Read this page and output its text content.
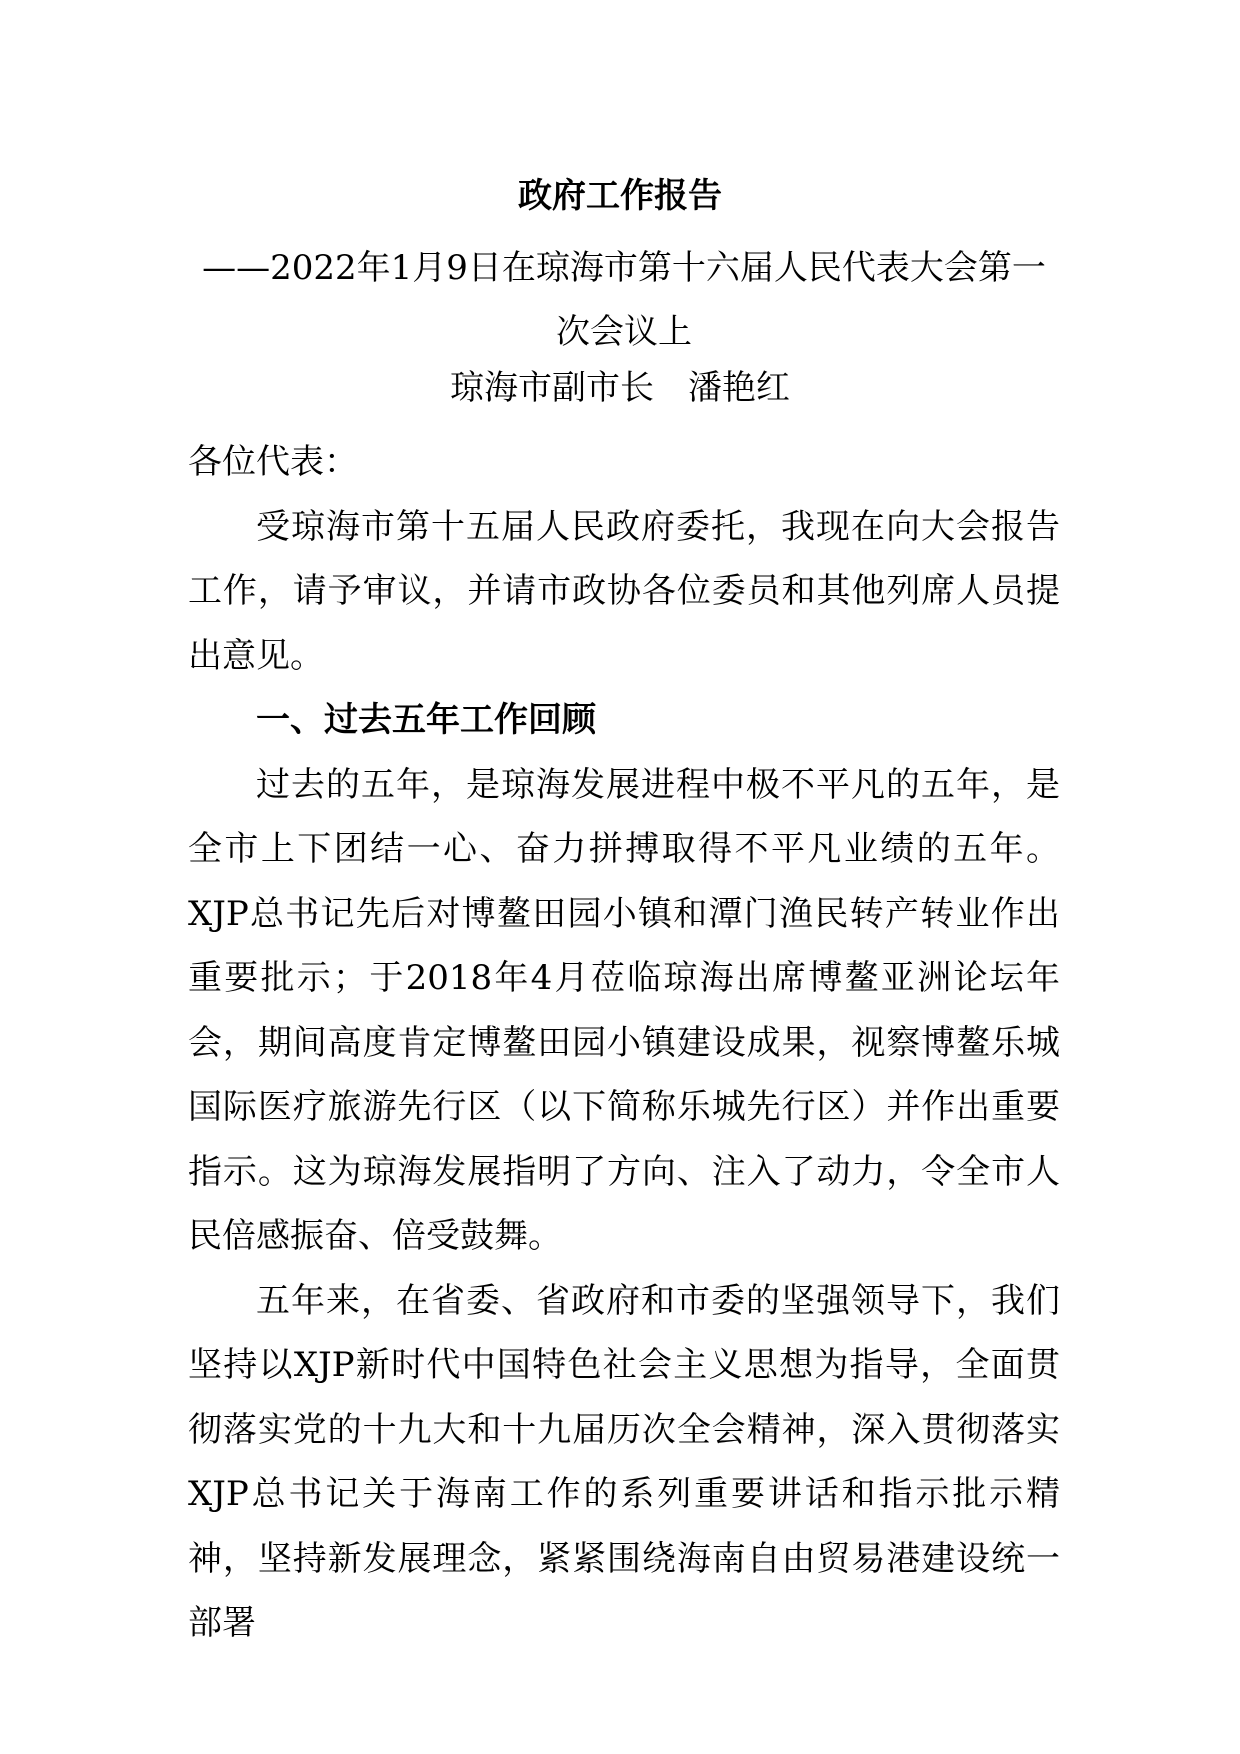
政府工作报告
——2022年1月9日在琼海市第十六届人民代表大会第一次会议上
琼海市副市长　潘艳红

各位代表：

受琼海市第十五届人民政府委托，我现在向大会报告工作，请予审议，并请市政协各位委员和其他列席人员提出意见。

一、过去五年工作回顾

过去的五年，是琼海发展进程中极不平凡的五年，是全市上下团结一心、奋力拼搏取得不平凡业绩的五年。XJP总书记先后对博鳌田园小镇和潭门渔民转产转业作出重要批示；于2018年4月莅临琼海出席博鳌亚洲论坛年会，期间高度肯定博鳌田园小镇建设成果，视察博鳌乐城国际医疗旅游先行区（以下简称乐城先行区）并作出重要指示。这为琼海发展指明了方向、注入了动力，令全市人民倍感振奋、倍受鼓舞。

五年来，在省委、省政府和市委的坚强领导下，我们坚持以XJP新时代中国特色社会主义思想为指导，全面贯彻落实党的十九大和十九届历次全会精神，深入贯彻落实XJP总书记关于海南工作的系列重要讲话和指示批示精神，坚持新发展理念，紧紧围绕海南自由贸易港建设统一部署
